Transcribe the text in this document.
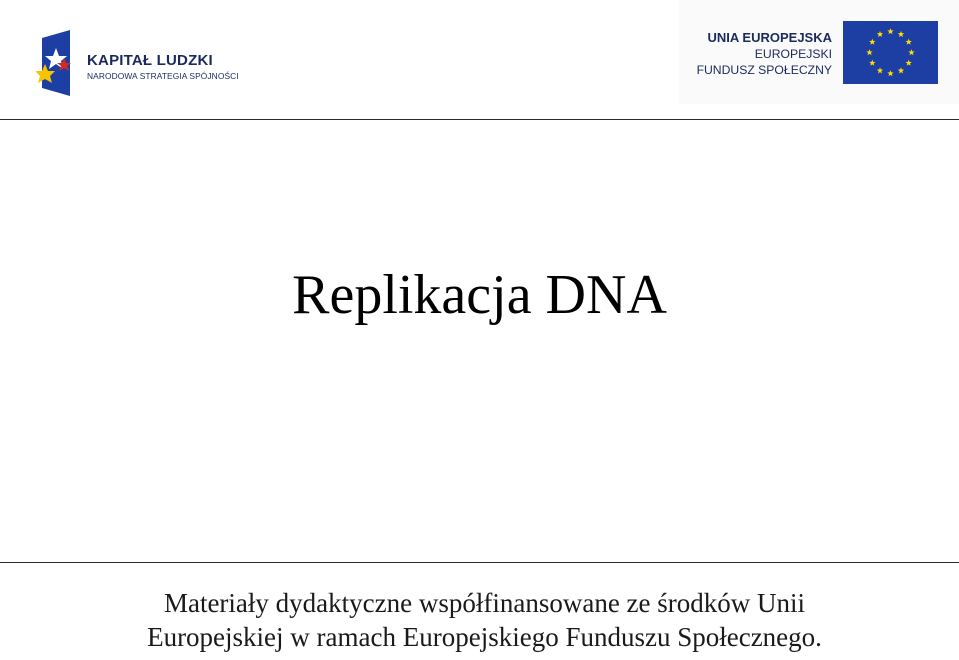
KAPITAŁ LUDZKI
NARODOWA STRATEGIA SPÓJNOŚCI
UNIA EUROPEJSKA
EUROPEJSKI
FUNDUSZ SPOŁECZNY
Replikacja DNA
Materiały dydaktyczne współfinansowane ze środków Unii
Europejskiej w ramach Europejskiego Funduszu Społecznego.
